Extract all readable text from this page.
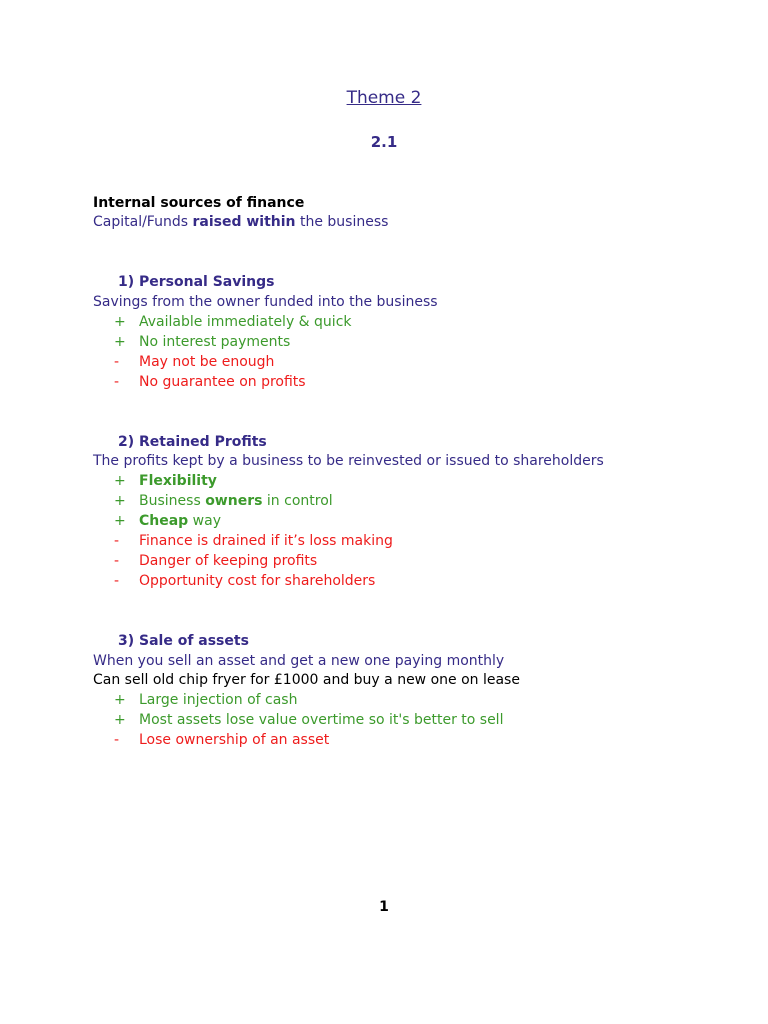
Theme 2
2.1
Internal sources of finance
Capital/Funds raised within the business
1) Personal Savings
Savings from the owner funded into the business
+ Available immediately & quick
+ No interest payments
- May not be enough
- No guarantee on profits
2) Retained Profits
The profits kept by a business to be reinvested or issued to shareholders
+ Flexibility
+ Business owners in control
+ Cheap way
- Finance is drained if it’s loss making
- Danger of keeping profits
- Opportunity cost for shareholders
3) Sale of assets
When you sell an asset and get a new one paying monthly
Can sell old chip fryer for £1000 and buy a new one on lease
+ Large injection of cash
+ Most assets lose value overtime so it's better to sell
- Lose ownership of an asset
1
